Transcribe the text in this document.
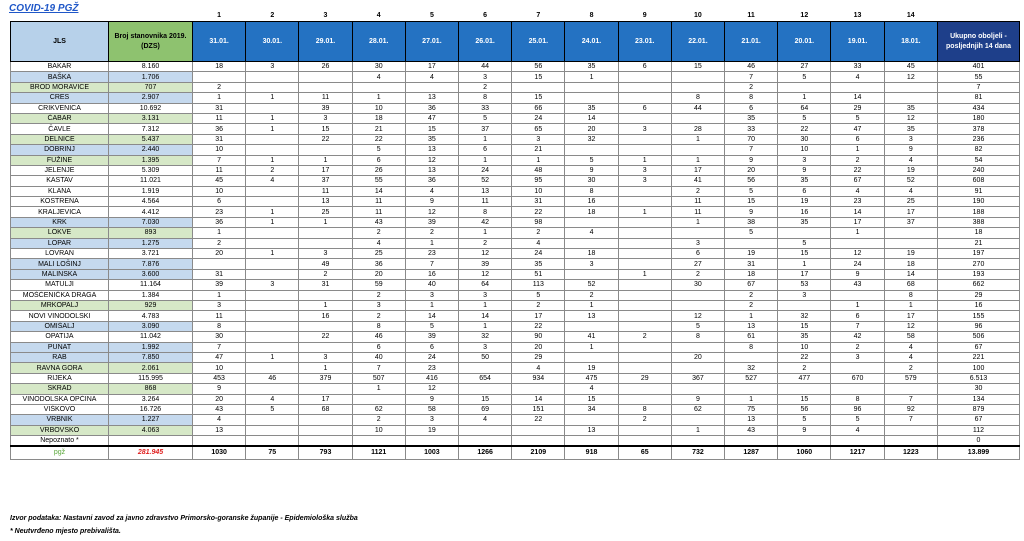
COVID-19 PGŽ
1	2	3	4	5	6	7	8	9	10	11	12	13	14
JLS	Broj stanovnika 2019. (DZS)	31.01.	30.01.	29.01.	28.01.	27.01.	26.01.	25.01.	24.01.	23.01.	22.01.	21.01.	20.01.	19.01.	18.01.	Ukupno oboljeli - posljednjih 14 dana
BAKAR	8.160	18	3	26	30	17	44	56	35	6	15	46	27	33	45	401
BAŠKA	1.706				4	4	3	15	1			7	5	4	12	55
BROD MORAVICE	707	2					2					2				7
CRES	2.907	1	1	11	1	13	8	15			8	8	1	14		81
CRIKVENICA	10.692	31		39	10	36	33	66	35	6	44	6	64	29	35	434
ČABAR	3.131	11	1	3	18	47	5	24	14			35	5	5	12	180
ČAVLE	7.312	36	1	15	21	15	37	65	20	3	28	33	22	47	35	378
DELNICE	5.437	31		22	22	35	1	3	32		1	70	30	6	3	236
DOBRINJ	2.440	10			5	13	6	21				7	10	1	9	82
FUŽINE	1.395	7	1	1	6	12	1	1	5	1	1	9	3	2	4	54
JELENJE	5.309	11	2	17	26	13	24	48	9	3	17	20	9	22	19	240
KASTAV	11.021	45	4	37	55	36	52	95	30	3	41	56	35	67	52	608
KLANA	1.919	10		11	14	4	13	10	8		2	5	6	4	4	91
KOSTRENA	4.564	6		13	11	9	11	31	16		11	15	19	23	25	190
KRALJEVICA	4.412	23	1	25	11	12	8	22	18	1	11	9	16	14	17	188
KRK	7.030	36	1	1	43	39	42	98			1	38	35	17	37	388
LOKVE	893	1			2	2	1	2	4			5		1		18
LOPAR	1.275	2			4	1	2	4			3		5			21
LOVRAN	3.721	20	1	3	25	23	12	24	18		6	19	15	12	19	197
MALI LOŠINJ	7.876			49	36	7	39	35	3		27	31	1	24	18	270
MALINSKA	3.600	31		2	20	16	12	51		1	2	18	17	9	14	193
MATULJI	11.164	39	3	31	59	40	64	113	52		30	67	53	43	68	662
MOŠĆENIČKA DRAGA	1.384	1			2	3	3	5	2			2	3		8	29
MRKOPALJ	929	3		1	3	1	1	2	1			2		1	1	16
NOVI VINODOLSKI	4.783	11		16	2	14	14	17	13		12	1	32	6	17	155
OMIŠALJ	3.090	8			8	5	1	22			5	13	15	7	12	96
OPATIJA	11.042	30		22	46	39	32	90	41	2	8	61	35	42	58	506
PUNAT	1.992	7			6	6	3	20	1			8	10	2	4	67
RAB	7.850	47	1	3	40	24	50	29			20		22	3	4	221
RAVNA GORA	2.061	10		1	7	23		4	19			32	2		2	100
RIJEKA	115.995	453	46	379	507	416	654	934	475	29	367	527	477	670	579	6.513
SKRAD	868	9			1	12			4							30
VINODOLSKA OPĆINA	3.264	20	4	17		9	15	14	15		9	1	15	8	7	134
VIŠKOVO	16.726	43	5	68	62	58	69	151	34	8	62	75	56	96	92	879
VRBNIK	1.227	4			2	3	4	22		2		13	5	5	7	67
VRBOVSKO	4.063	13			10	19			13		1	43	9	4		112
Nepoznato *																0
pgž	281.945	1030	75	793	1121	1003	1266	2109	918	65	732	1287	1060	1217	1223	13.899
Izvor podataka: Nastavni zavod za javno zdravstvo Primorsko-goranske županije - Epidemiološka služba
* Neutvrđeno mjesto prebivališta.
